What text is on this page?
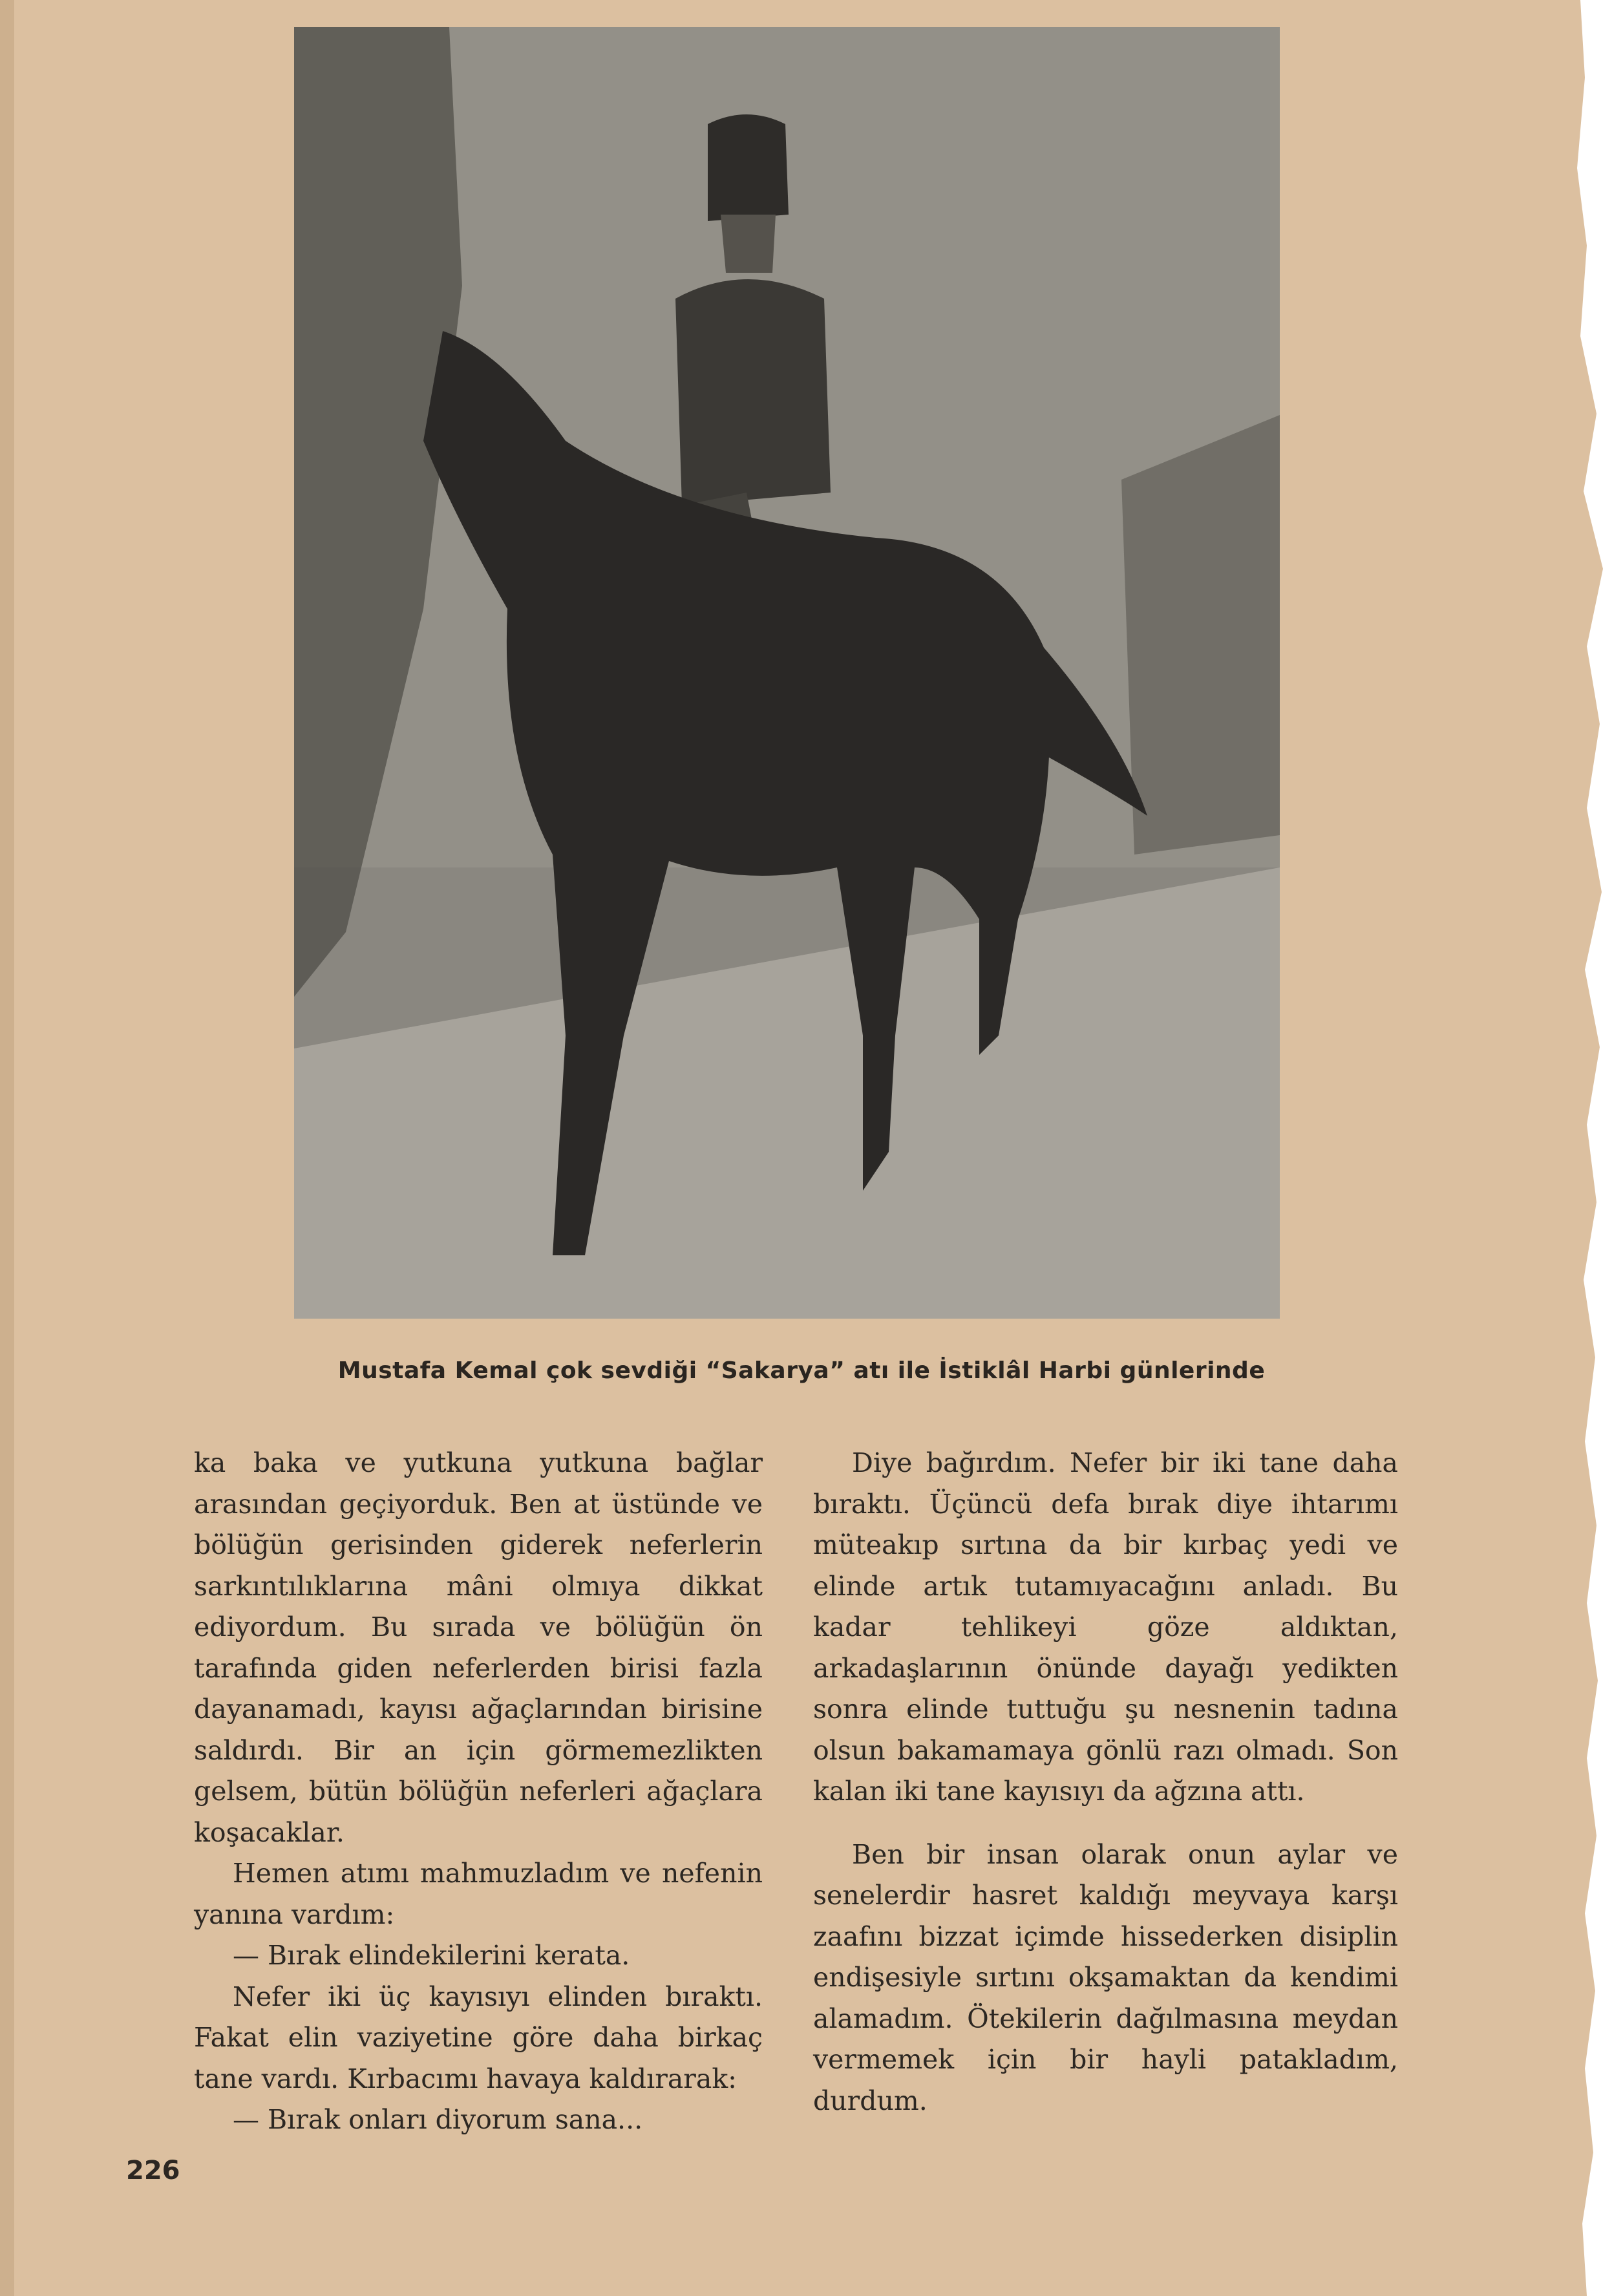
Mustafa Kemal çok sevdiği “Sakarya” atı ile İstiklâl Harbi günlerinde

ka baka ve yutkuna yutkuna bağlar arasından geçiyorduk. Ben at üstünde ve bölüğün gerisinden giderek neferlerin sarkıntılıklarına mâni olmıya dikkat ediyordum. Bu sırada ve bölüğün ön tarafında giden neferlerden birisi fazla dayanamadı, kayısı ağaçlarından birisine saldırdı. Bir an için görmemezlikten gelsem, bütün bölüğün neferleri ağaçlara koşacaklar.

Hemen atımı mahmuzladım ve nefenin yanına vardım:

— Bırak elindekilerini kerata.

Nefer iki üç kayısıyı elinden bıraktı. Fakat elin vaziyetine göre daha birkaç tane vardı. Kırbacımı havaya kaldırarak:

— Bırak onları diyorum sana...

Diye bağırdım. Nefer bir iki tane daha bıraktı. Üçüncü defa bırak diye ihtarımı müteakıp sırtına da bir kırbaç yedi ve elinde artık tutamıyacağını anladı. Bu kadar tehlikeyi göze aldıktan, arkadaşlarının önünde dayağı yedikten sonra elinde tuttuğu şu nesnenin tadına olsun bakamamaya gönlü razı olmadı. Son kalan iki tane kayısıyı da ağzına attı.

Ben bir insan olarak onun aylar ve senelerdir hasret kaldığı meyvaya karşı zaafını bizzat içimde hissederken disiplin endişesiyle sırtını okşamaktan da kendimi alamadım. Ötekilerin dağılmasına meydan vermemek için bir hayli patakladım, durdum.

226
